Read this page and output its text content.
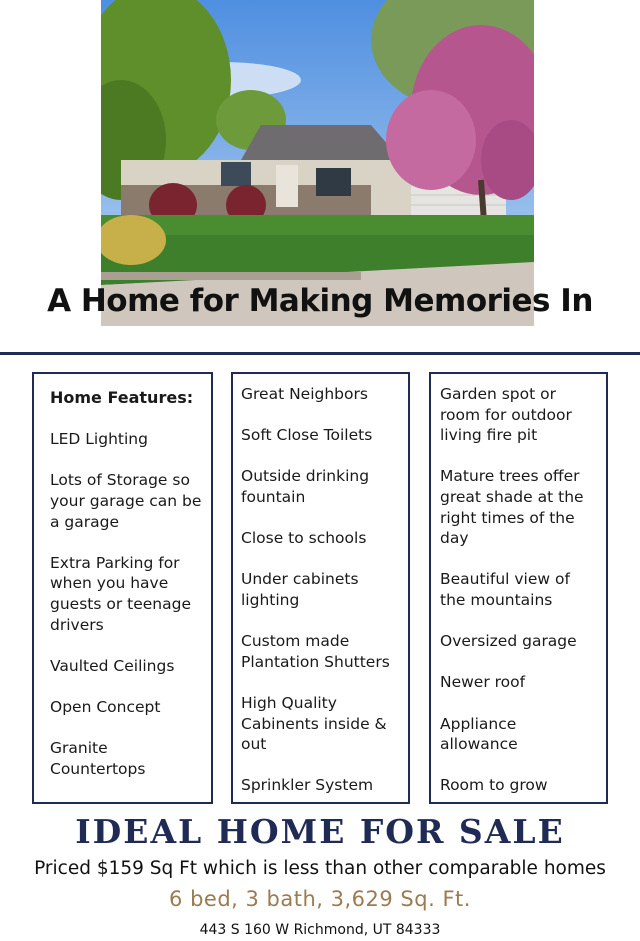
A Home for Making Memories In
Home Features:
LED Lighting
Lots of Storage so your garage can be a garage
Extra Parking for when you have guests or teenage drivers
Vaulted Ceilings
Open Concept
Granite Countertops
Great Neighbors
Soft Close Toilets
Outside drinking fountain
Close to schools
Under cabinets lighting
Custom made Plantation Shutters
High Quality Cabinents inside & out
Sprinkler System
Garden spot or room for outdoor living fire pit
Mature trees offer great shade at the right times of the day
Beautiful view of the mountains
Oversized garage
Newer roof
Appliance allowance
Room to grow
IDEAL HOME FOR SALE
Priced $159 Sq Ft which is less than other comparable homes
6 bed, 3 bath, 3,629 Sq. Ft.
443 S 160 W Richmond, UT 84333
